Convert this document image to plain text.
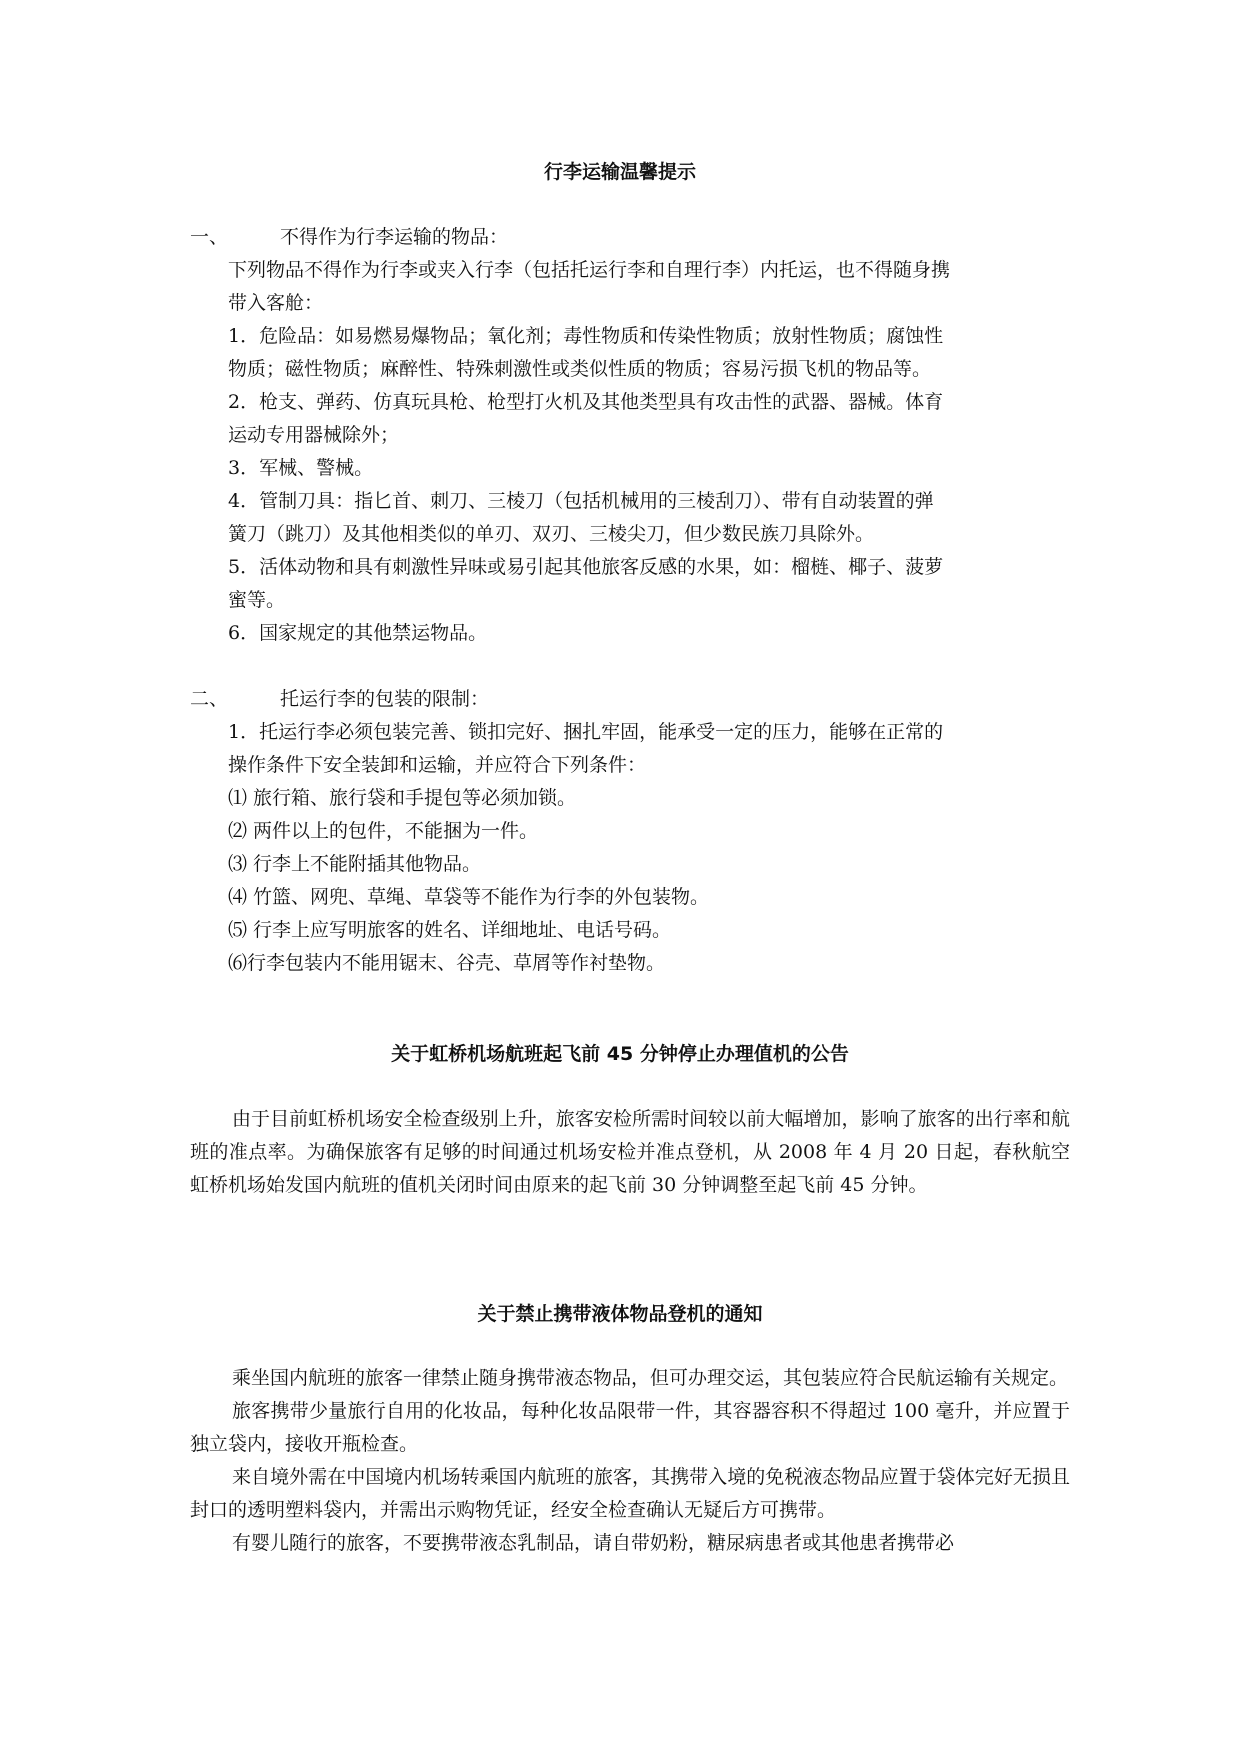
行李运输温馨提示
一、	不得作为行李运输的物品：
下列物品不得作为行李或夹入行李（包括托运行李和自理行李）内托运，也不得随身携
带入客舱：
1．危险品：如易燃易爆物品；氧化剂；毒性物质和传染性物质；放射性物质；腐蚀性
物质；磁性物质；麻醉性、特殊刺激性或类似性质的物质；容易污损飞机的物品等。
2．枪支、弹药、仿真玩具枪、枪型打火机及其他类型具有攻击性的武器、器械。体育
运动专用器械除外；
3．军械、警械。
4．管制刀具：指匕首、刺刀、三棱刀（包括机械用的三棱刮刀）、带有自动装置的弹
簧刀（跳刀）及其他相类似的单刃、双刃、三棱尖刀，但少数民族刀具除外。
5．活体动物和具有刺激性异味或易引起其他旅客反感的水果，如：榴梿、椰子、菠萝
蜜等。
6．国家规定的其他禁运物品。
二、	托运行李的包装的限制：
1．托运行李必须包装完善、锁扣完好、捆扎牢固，能承受一定的压力，能够在正常的
操作条件下安全装卸和运输，并应符合下列条件：
⑴ 旅行箱、旅行袋和手提包等必须加锁。
⑵ 两件以上的包件，不能捆为一件。
⑶ 行李上不能附插其他物品。
⑷ 竹篮、网兜、草绳、草袋等不能作为行李的外包装物。
⑸ 行李上应写明旅客的姓名、详细地址、电话号码。
⑹行李包装内不能用锯末、谷壳、草屑等作衬垫物。
关于虹桥机场航班起飞前 45 分钟停止办理值机的公告

由于目前虹桥机场安全检查级别上升，旅客安检所需时间较以前大幅增加，影响了旅客的出行率和航班的准点率。为确保旅客有足够的时间通过机场安检并准点登机，从 2008 年 4 月 20 日起，春秋航空虹桥机场始发国内航班的值机关闭时间由原来的起飞前 30 分钟调整至起飞前 45 分钟。

关于禁止携带液体物品登机的通知

乘坐国内航班的旅客一律禁止随身携带液态物品，但可办理交运，其包装应符合民航运输有关规定。

旅客携带少量旅行自用的化妆品，每种化妆品限带一件，其容器容积不得超过 100 毫升，并应置于独立袋内，接收开瓶检查。

来自境外需在中国境内机场转乘国内航班的旅客，其携带入境的免税液态物品应置于袋体完好无损且封口的透明塑料袋内，并需出示购物凭证，经安全检查确认无疑后方可携带。

有婴儿随行的旅客，不要携带液态乳制品，请自带奶粉，糖尿病患者或其他患者携带必
